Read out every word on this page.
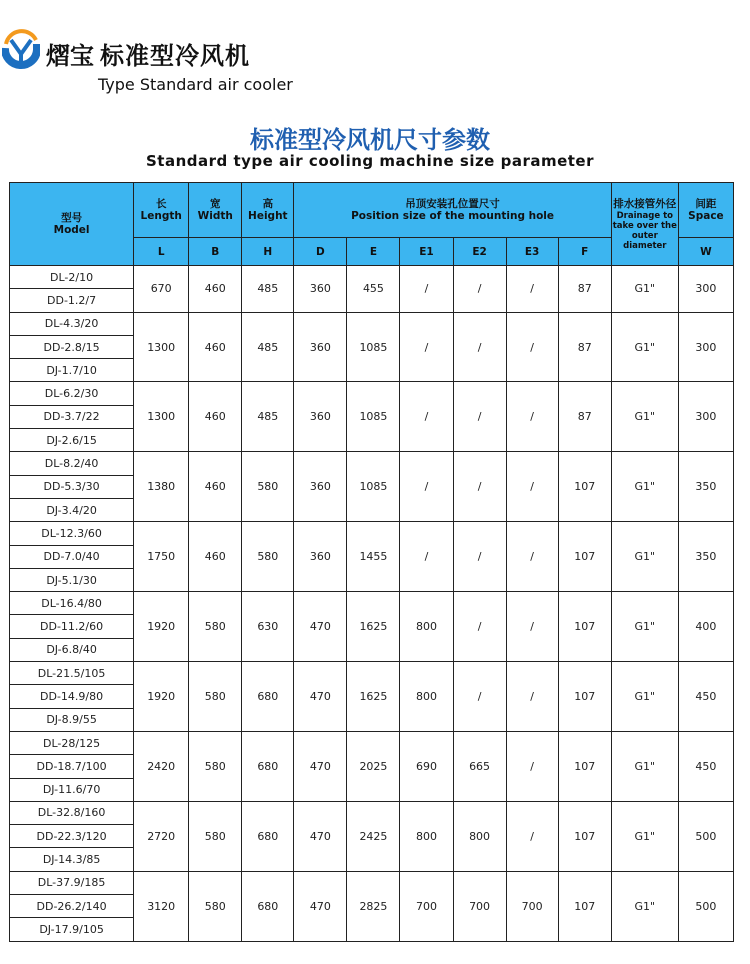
熠宝 标准型冷风机
Type Standard air cooler
标准型冷风机尺寸参数
Standard type air cooling machine size parameter
型号
Model	长
Length	宽
Width	高
Height	吊顶安装孔位置尺寸
Position size of the mounting hole						排水接管外径
Drainage to take over the outer diameter	间距
Space
	L	B	H	D	E	E1	E2	E3	F		W
DL-2/10	670	460	485	360	455	/	/	/	87	G1"	300
DD-1.2/7											
DL-4.3/20	1300	460	485	360	1085	/	/	/	87	G1"	300
DD-2.8/15											
DJ-1.7/10											
DL-6.2/30	1300	460	485	360	1085	/	/	/	87	G1"	300
DD-3.7/22											
DJ-2.6/15											
DL-8.2/40	1380	460	580	360	1085	/	/	/	107	G1"	350
DD-5.3/30											
DJ-3.4/20											
DL-12.3/60	1750	460	580	360	1455	/	/	/	107	G1"	350
DD-7.0/40											
DJ-5.1/30											
DL-16.4/80	1920	580	630	470	1625	800	/	/	107	G1"	400
DD-11.2/60											
DJ-6.8/40											
DL-21.5/105	1920	580	680	470	1625	800	/	/	107	G1"	450
DD-14.9/80											
DJ-8.9/55											
DL-28/125	2420	580	680	470	2025	690	665	/	107	G1"	450
DD-18.7/100											
DJ-11.6/70											
DL-32.8/160	2720	580	680	470	2425	800	800	/	107	G1"	500
DD-22.3/120											
DJ-14.3/85											
DL-37.9/185	3120	580	680	470	2825	700	700	700	107	G1"	500
DD-26.2/140											
DJ-17.9/105											
